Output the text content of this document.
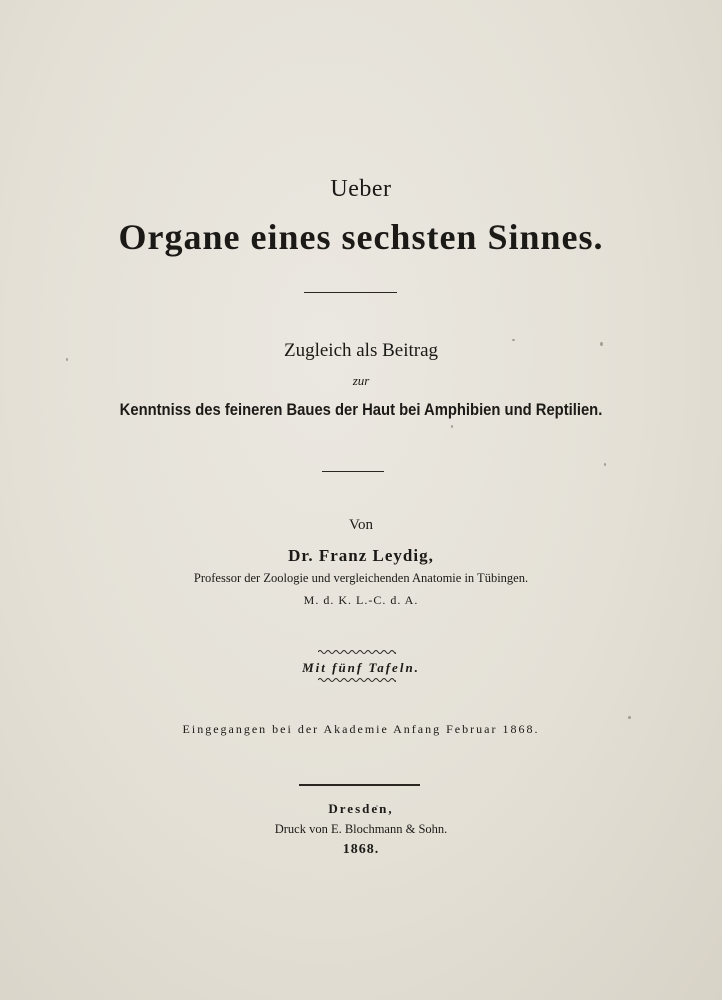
Ueber
Organe eines sechsten Sinnes.
Zugleich als Beitrag
zur
Kenntniss des feineren Baues der Haut bei Amphibien und Reptilien.
Von
Dr. Franz Leydig,
Professor der Zoologie und vergleichenden Anatomie in Tübingen.
M. d. K. L.-C. d. A.
Mit fünf Tafeln.
Eingegangen bei der Akademie Anfang Februar 1868.
Dresden,
Druck von E. Blochmann & Sohn.
1868.
